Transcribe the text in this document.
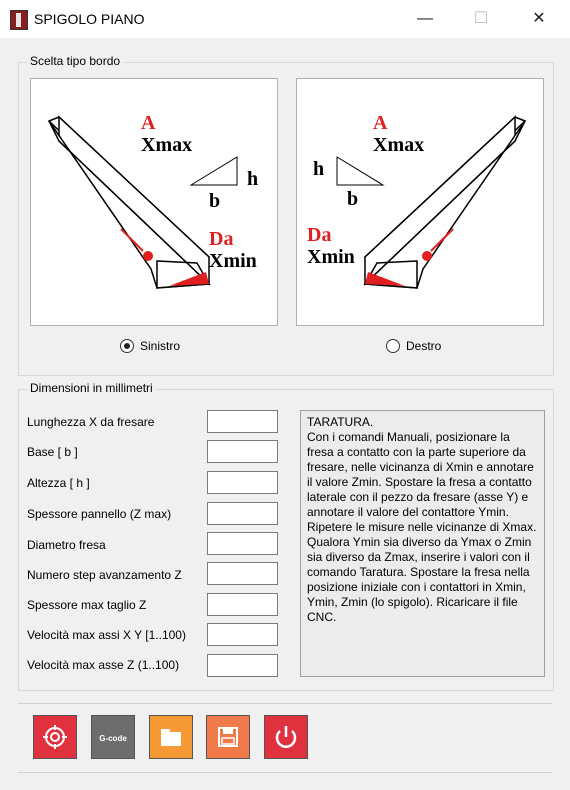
SPIGOLO PIANO	—	☐	✕
Scelta tipo bordo
A
Xmax
h
b
Da
Xmin
A
Xmax
h
b
Da
Xmin
Sinistro	Destro
Dimensioni in millimetri
Lunghezza X da fresare
Base [ b ]
Altezza [ h ]
Spessore pannello (Z max)
Diametro fresa
Numero step avanzamento Z
Spessore max taglio Z
Velocità max assi X Y [1..100)
Velocità max asse Z (1..100)
TARATURA.
Con i comandi Manuali, posizionare la fresa a contatto con la parte superiore da fresare, nelle vicinanza di Xmin e annotare il valore Zmin. Spostare la fresa a contatto laterale con il pezzo da fresare (asse Y) e annotare il valore del contattore Ymin. Ripetere le misure nelle vicinanze di Xmax. Qualora Ymin sia diverso da Ymax o Zmin sia diverso da Zmax, inserire i valori con il comando Taratura. Spostare la fresa nella posizione iniziale con i contattori in Xmin, Ymin, Zmin (lo spigolo). Ricaricare il file CNC.
G-code
